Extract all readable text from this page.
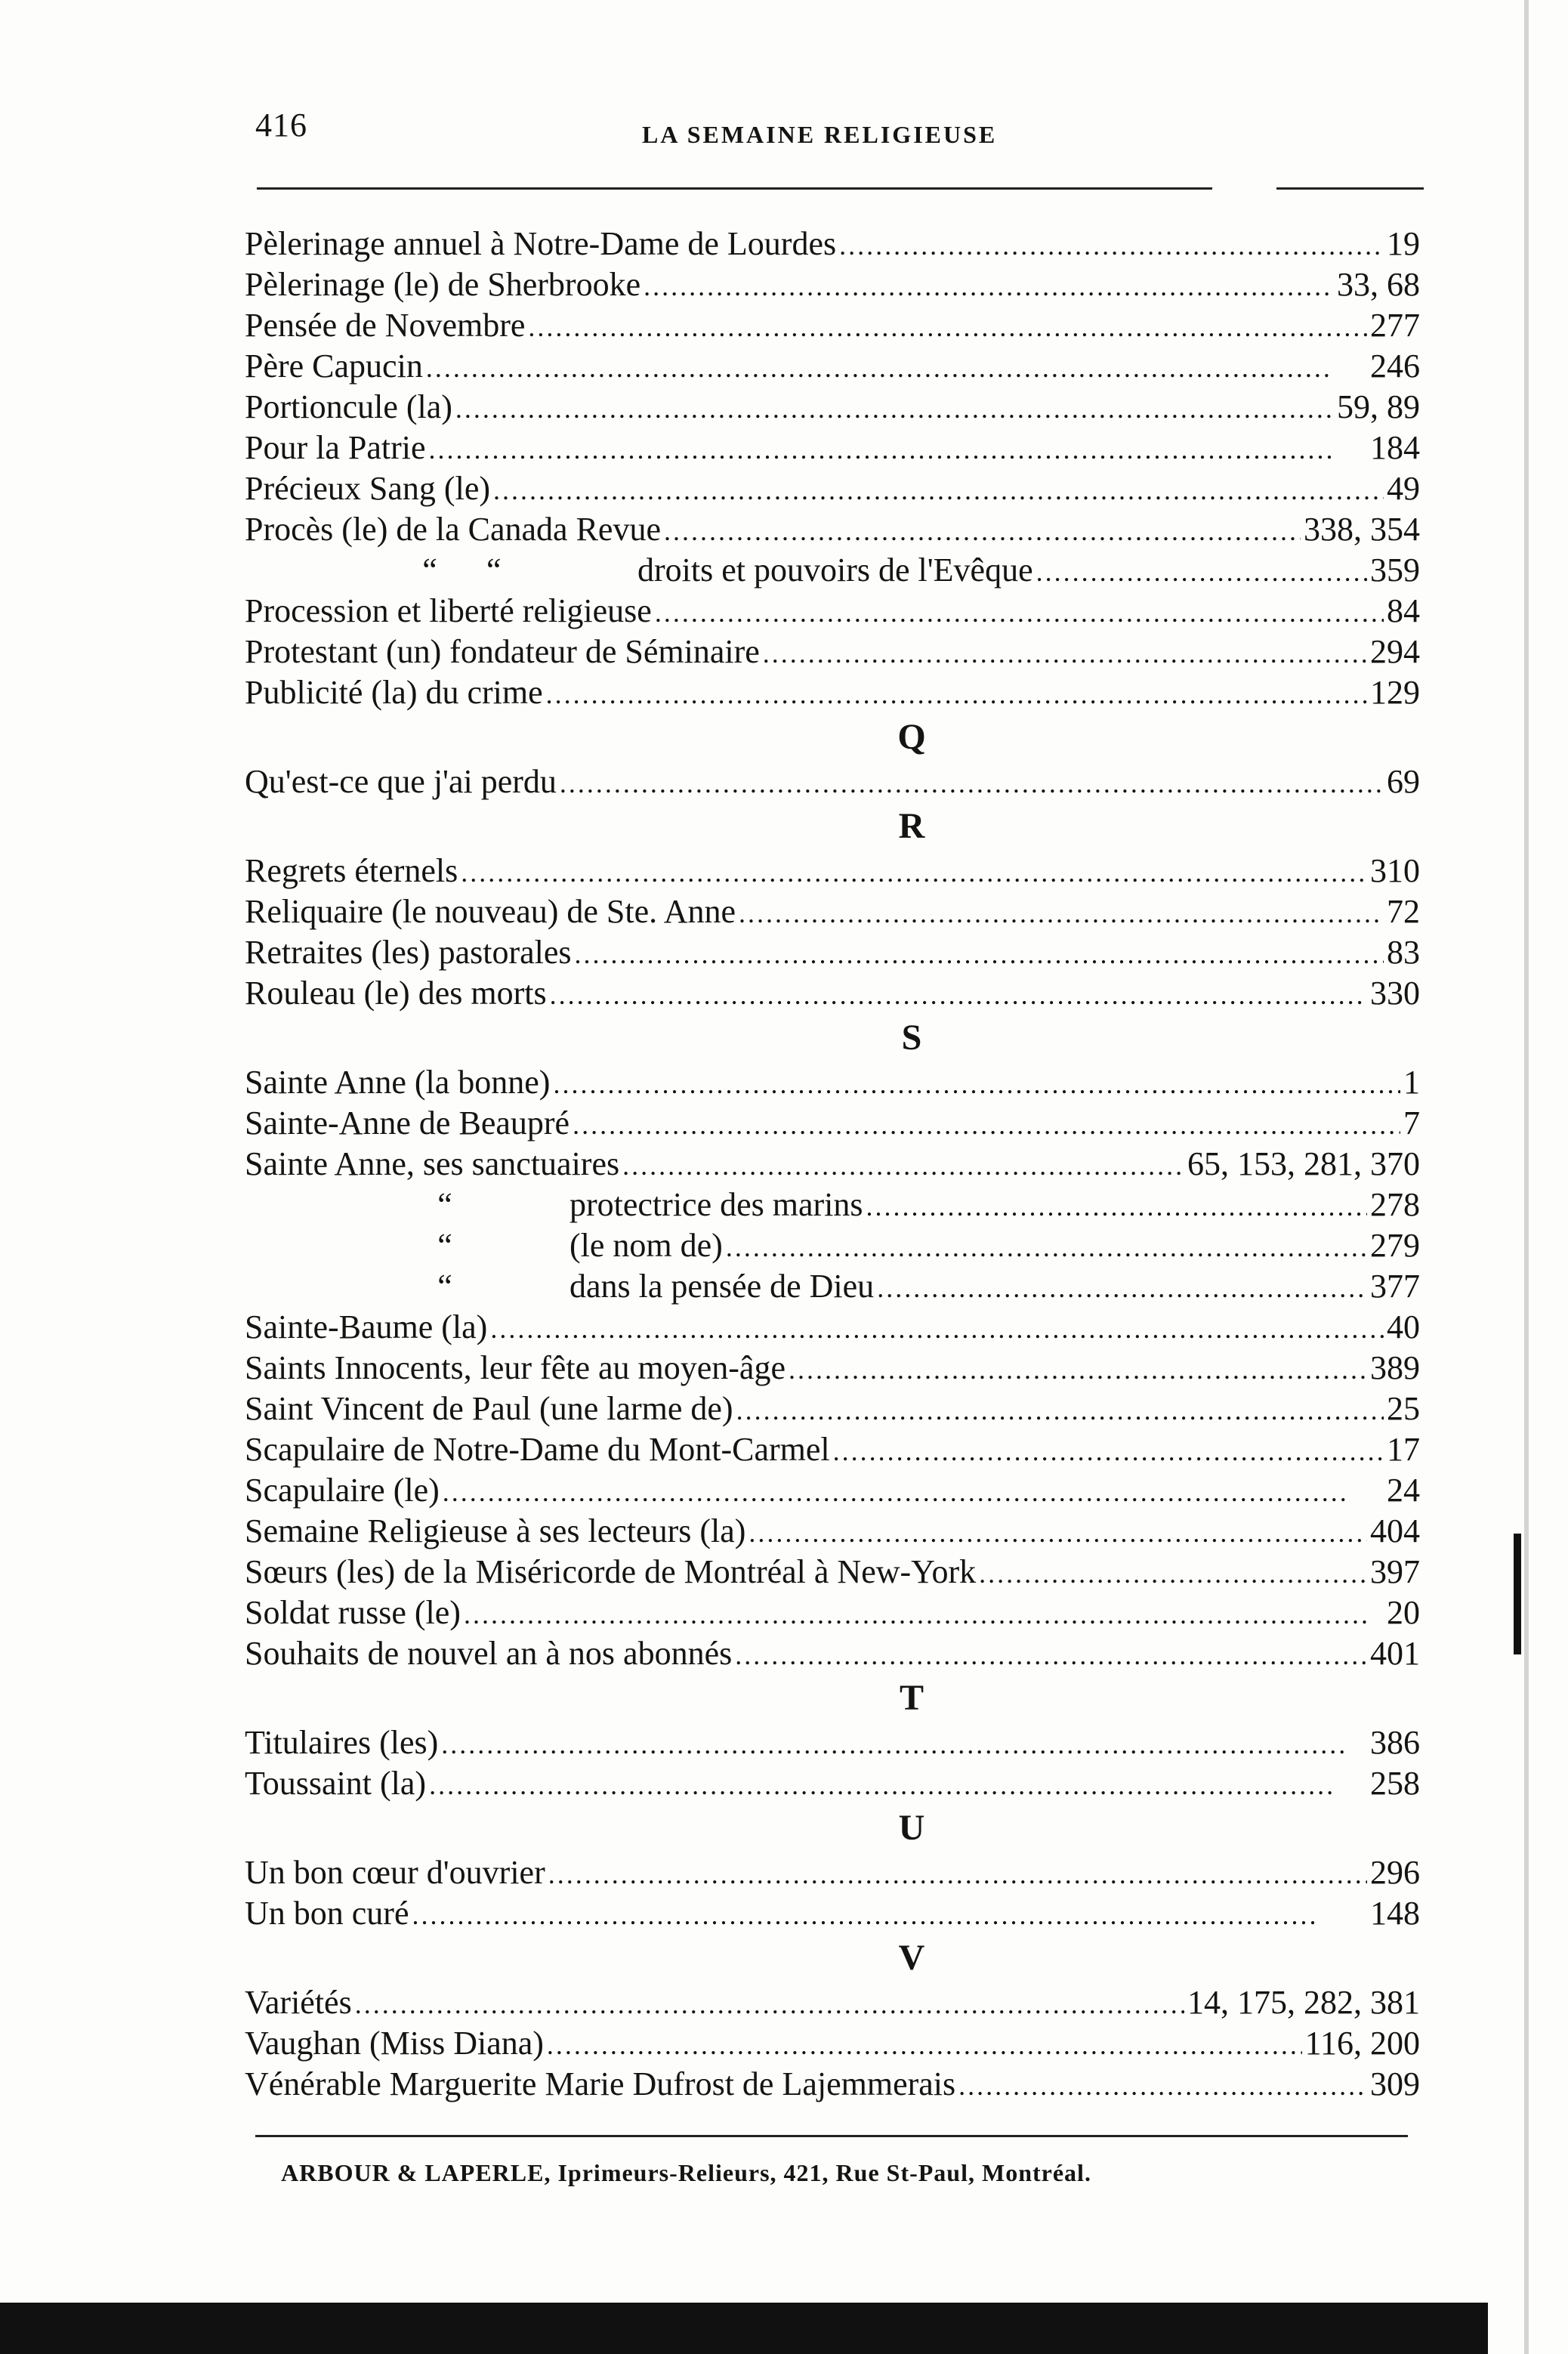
416	LA SEMAINE RELIGIEUSE
Pèlerinage annuel à Notre-Dame de Lourdes . . .	19
Pèlerinage (le) de Sherbrooke . . .	33, 68
Pensée de Novembre . . .	277
Père Capucin . . .	246
Portioncule (la) . . .	59, 89
Pour la Patrie . . .	184
Précieux Sang (le) . . .	49
Procès (le) de la Canada Revue . . .	338, 354
“	“	droits et pouvoirs de l'Evêque . . .	359
Procession et liberté religieuse . . .	84
Protestant (un) fondateur de Séminaire . . .	294
Publicité (la) du crime . . .	129
Q
Qu'est-ce que j'ai perdu . . .	69
R
Regrets éternels . . .	310
Reliquaire (le nouveau) de Ste. Anne . . .	72
Retraites (les) pastorales . . .	83
Rouleau (le) des morts . . .	330
S
Sainte Anne (la bonne) . . .	1
Sainte-Anne de Beaupré . . .	7
Sainte Anne, ses sanctuaires . . .	65, 153, 281, 370
“	protectrice des marins . . .	278
“	(le nom de) . . .	279
“	dans la pensée de Dieu . . .	377
Sainte-Baume (la) . . .	40
Saints Innocents, leur fête au moyen-âge . . .	389
Saint Vincent de Paul (une larme de) . . .	25
Scapulaire de Notre-Dame du Mont-Carmel . . .	17
Scapulaire (le) . . .	24
Semaine Religieuse à ses lecteurs (la) . . .	404
Sœurs (les) de la Miséricorde de Montréal à New-York . . .	397
Soldat russe (le) . . .	20
Souhaits de nouvel an à nos abonnés . . .	401
T
Titulaires (les) . . .	386
Toussaint (la) . . .	258
U
Un bon cœur d'ouvrier . . .	296
Un bon curé . . .	148
V
Variétés . . .	14, 175, 282, 381
Vaughan (Miss Diana) . . .	116, 200
Vénérable Marguerite Marie Dufrost de Lajemmerais . . .	309
ARBOUR & LAPERLE, Iprimeurs-Relieurs, 421, Rue St-Paul, Montréal.
